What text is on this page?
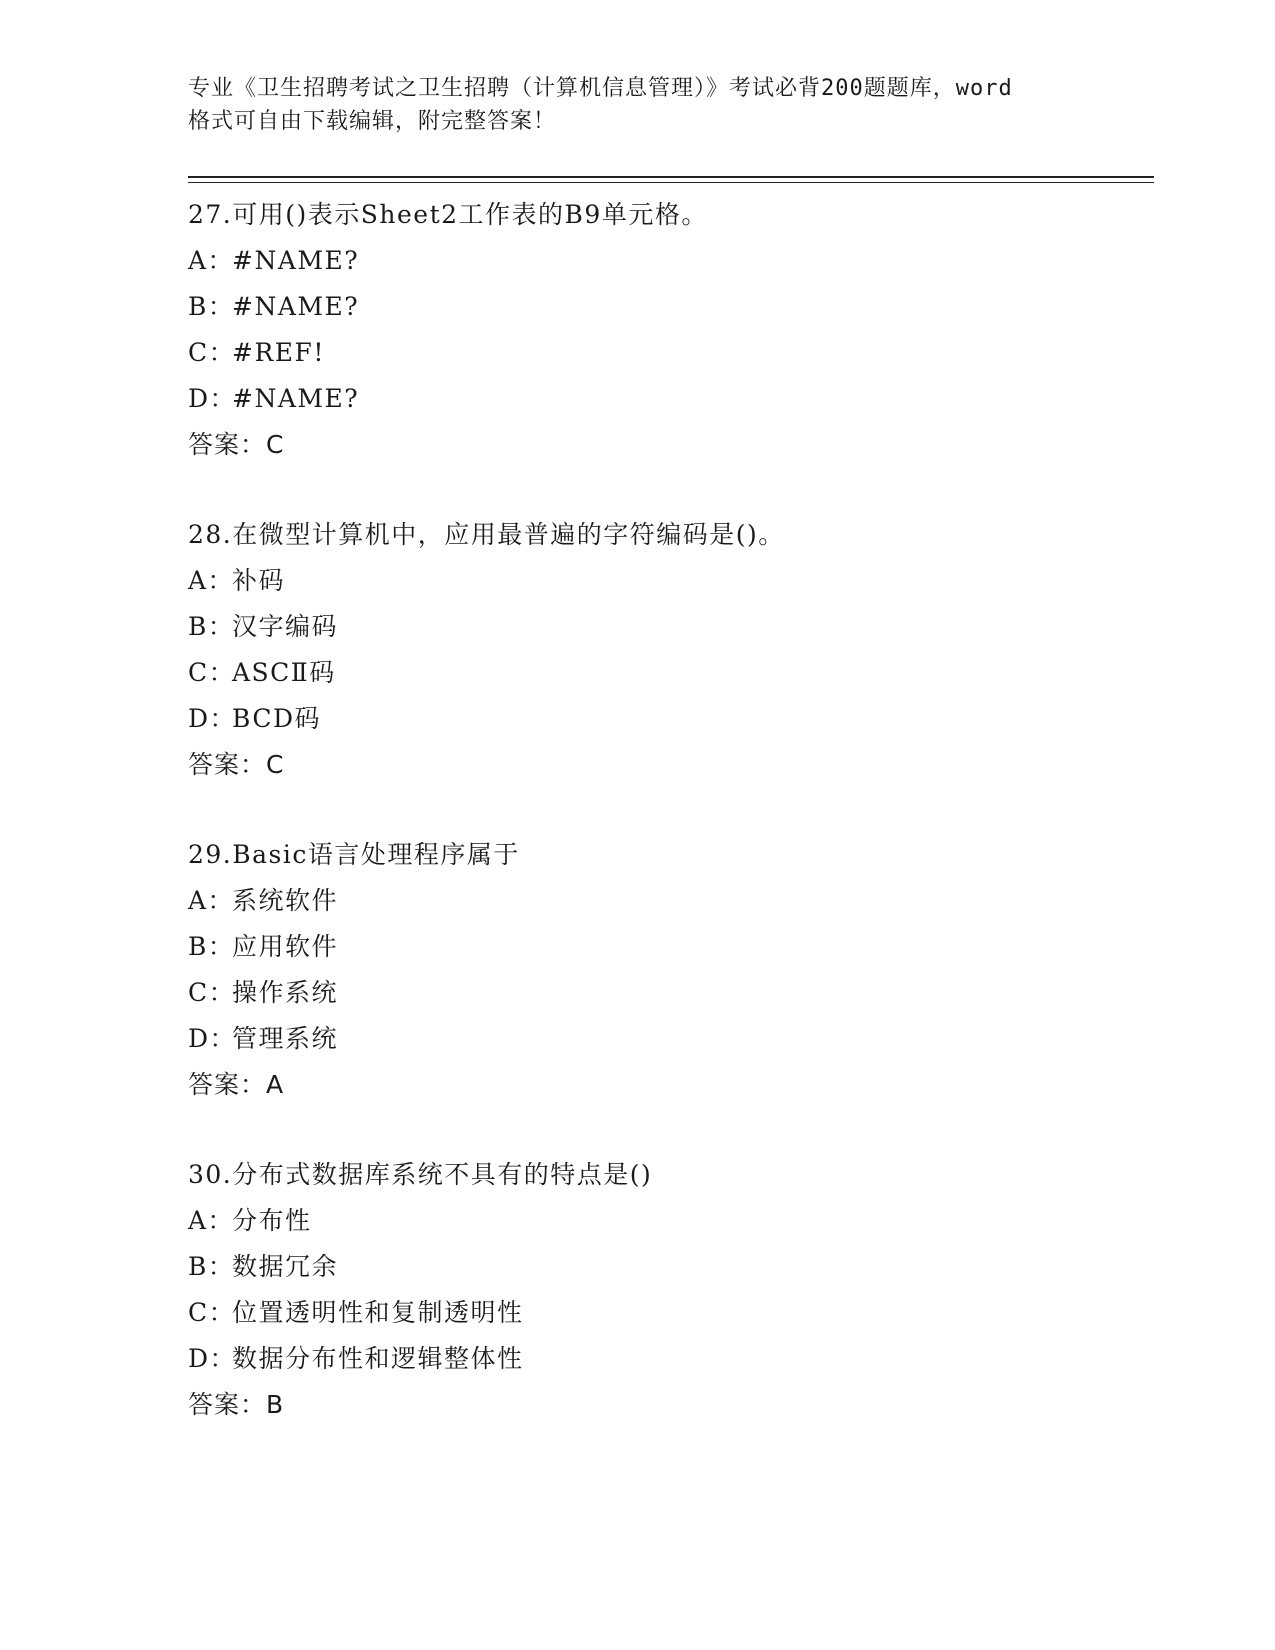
专业《卫生招聘考试之卫生招聘（计算机信息管理）》考试必背200题题库，word
格式可自由下载编辑，附完整答案！
27.可用()表示Sheet2工作表的B9单元格。
A：#NAME?
B：#NAME?
C：#REF!
D：#NAME?
答案：C
28.在微型计算机中，应用最普遍的字符编码是()。
A：补码
B：汉字编码
C：ASCⅡ码
D：BCD码
答案：C
29.Basic语言处理程序属于
A：系统软件
B：应用软件
C：操作系统
D：管理系统
答案：A
30.分布式数据库系统不具有的特点是()
A：分布性
B：数据冗余
C：位置透明性和复制透明性
D：数据分布性和逻辑整体性
答案：B
